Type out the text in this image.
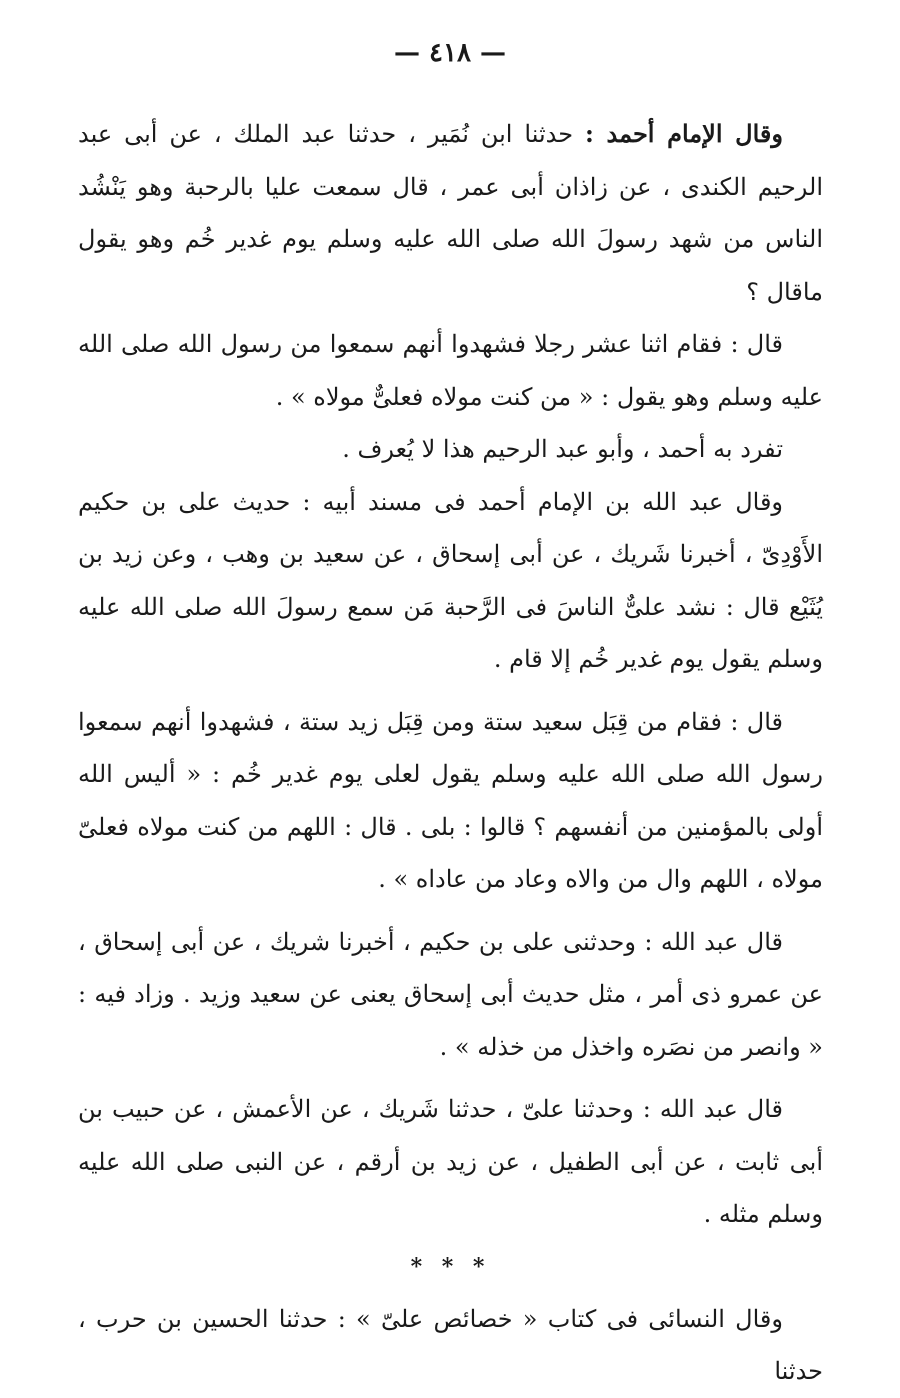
— ٤١٨ —

وقال الإمام أحمد : حدثنا ابن نُمَير ، حدثنا عبد الملك ، عن أبى عبد الرحيم الكندى ، عن زاذان أبى عمر ، قال سمعت عليا بالرحبة وهو يَنْشُد الناس من شهد رسولَ الله صلى الله عليه وسلم يوم غدير خُم وهو يقول ماقال ؟

قال : فقام اثنا عشر رجلا فشهدوا أنهم سمعوا من رسول الله صلى الله عليه وسلم وهو يقول : « من كنت مولاه فعلىٌّ مولاه » .

تفرد به أحمد ، وأبو عبد الرحيم هذا لا يُعرف .

وقال عبد الله بن الإمام أحمد فى مسند أبيه : حديث على بن حكيم الأَوْدِىّ ، أخبرنا شَريك ، عن أبى إسحاق ، عن سعيد بن وهب ، وعن زيد بن يُثَيْع قال : نشد علىٌّ الناسَ فى الرَّحبة مَن سمع رسولَ الله صلى الله عليه وسلم يقول يوم غدير خُم إلا قام .

قال : فقام من قِبَل سعيد ستة ومن قِبَل زيد ستة ، فشهدوا أنهم سمعوا رسول الله صلى الله عليه وسلم يقول لعلى يوم غدير خُم : « أليس الله أولى بالمؤمنين من أنفسهم ؟ قالوا : بلى . قال : اللهم من كنت مولاه فعلىّ مولاه ، اللهم وال من والاه وعاد من عاداه » .

قال عبد الله : وحدثنى على بن حكيم ، أخبرنا شريك ، عن أبى إسحاق ، عن عمرو ذى أمر ، مثل حديث أبى إسحاق يعنى عن سعيد وزيد . وزاد فيه : « وانصر من نصَره واخذل من خذله » .

قال عبد الله : وحدثنا علىّ ، حدثنا شَريك ، عن الأعمش ، عن حبيب بن أبى ثابت ، عن أبى الطفيل ، عن زيد بن أرقم ، عن النبى صلى الله عليه وسلم مثله .

* * *

وقال النسائى فى كتاب « خصائص علىّ » : حدثنا الحسين بن حرب ، حدثنا
